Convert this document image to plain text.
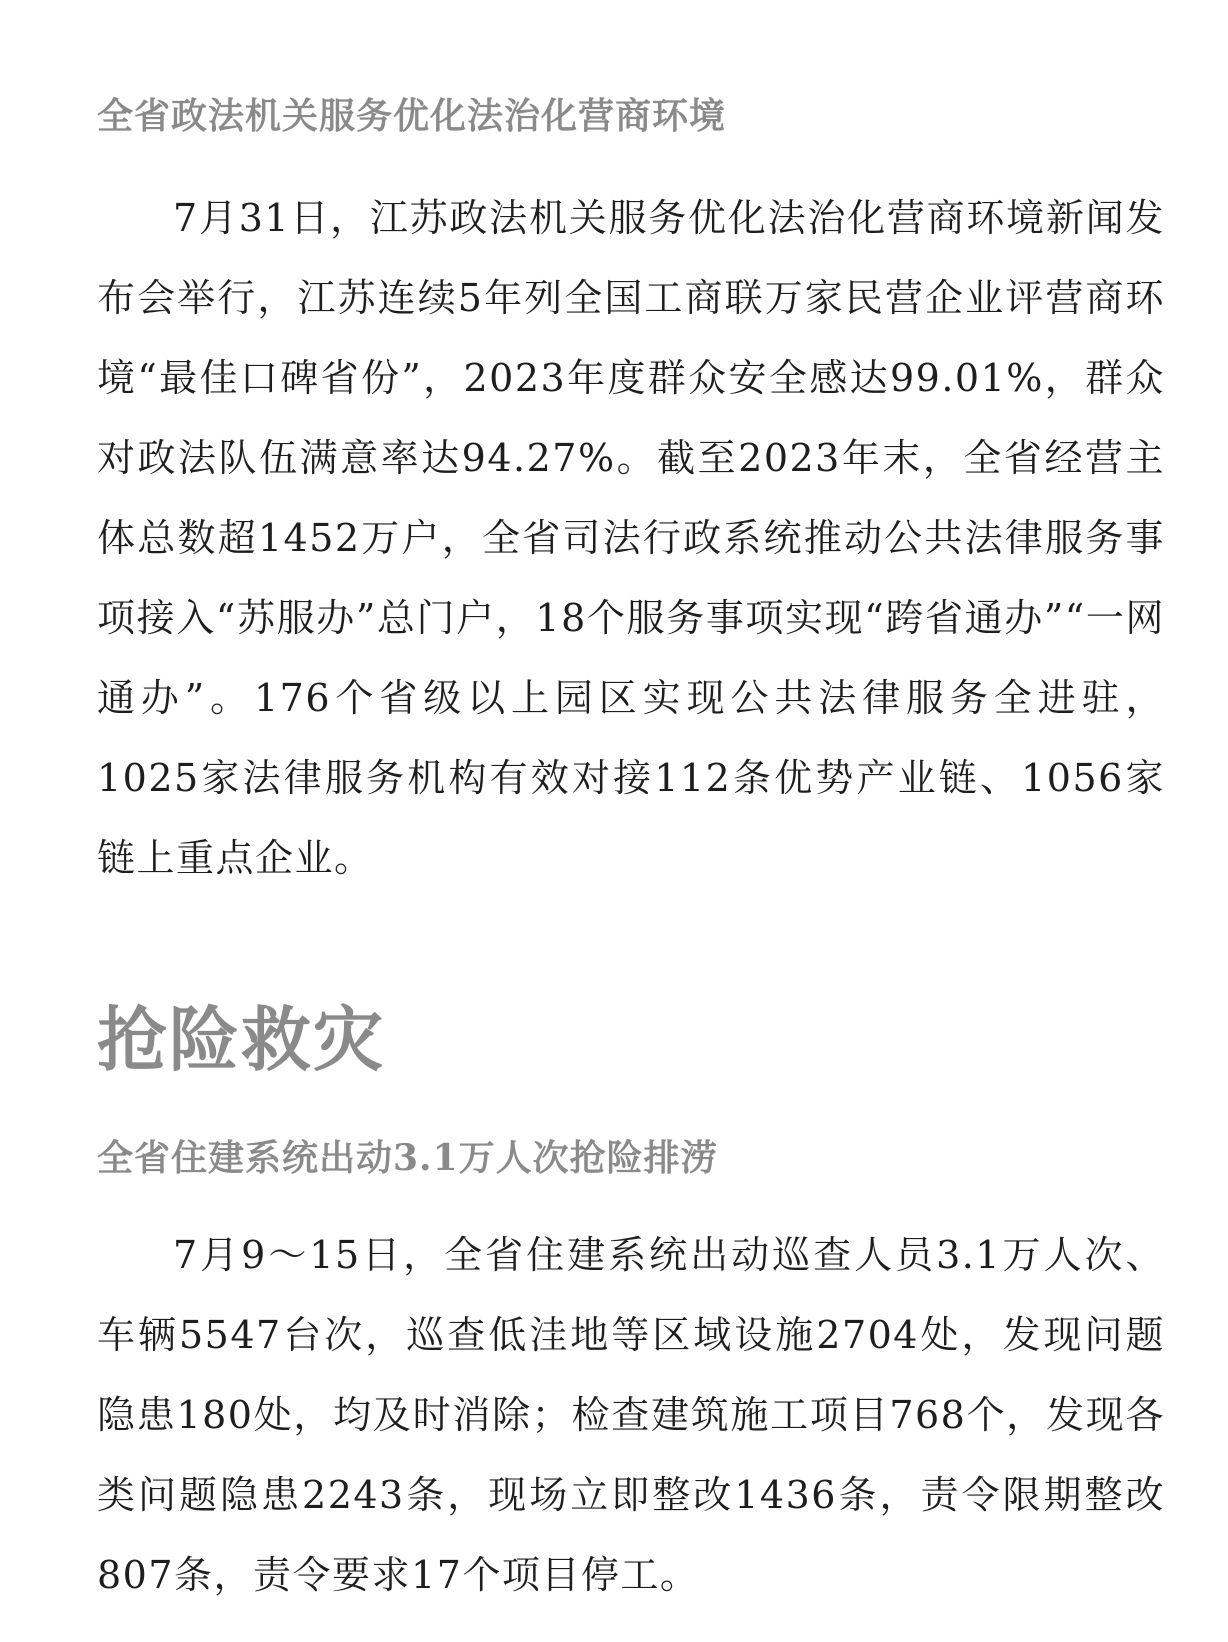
全省政法机关服务优化法治化营商环境

7月31日，江苏政法机关服务优化法治化营商环境新闻发布会举行，江苏连续5年列全国工商联万家民营企业评营商环境“最佳口碑省份”，2023年度群众安全感达99.01%，群众对政法队伍满意率达94.27%。截至2023年末，全省经营主体总数超1452万户，全省司法行政系统推动公共法律服务事项接入“苏服办”总门户，18个服务事项实现“跨省通办”“一网通办”。176个省级以上园区实现公共法律服务全进驻，1025家法律服务机构有效对接112条优势产业链、1056家链上重点企业。

抢险救灾
全省住建系统出动3.1万人次抢险排涝

7月9～15日，全省住建系统出动巡查人员3.1万人次、车辆5547台次，巡查低洼地等区域设施2704处，发现问题隐患180处，均及时消除；检查建筑施工项目768个，发现各类问题隐患2243条，现场立即整改1436条，责令限期整改807条，责令要求17个项目停工。
